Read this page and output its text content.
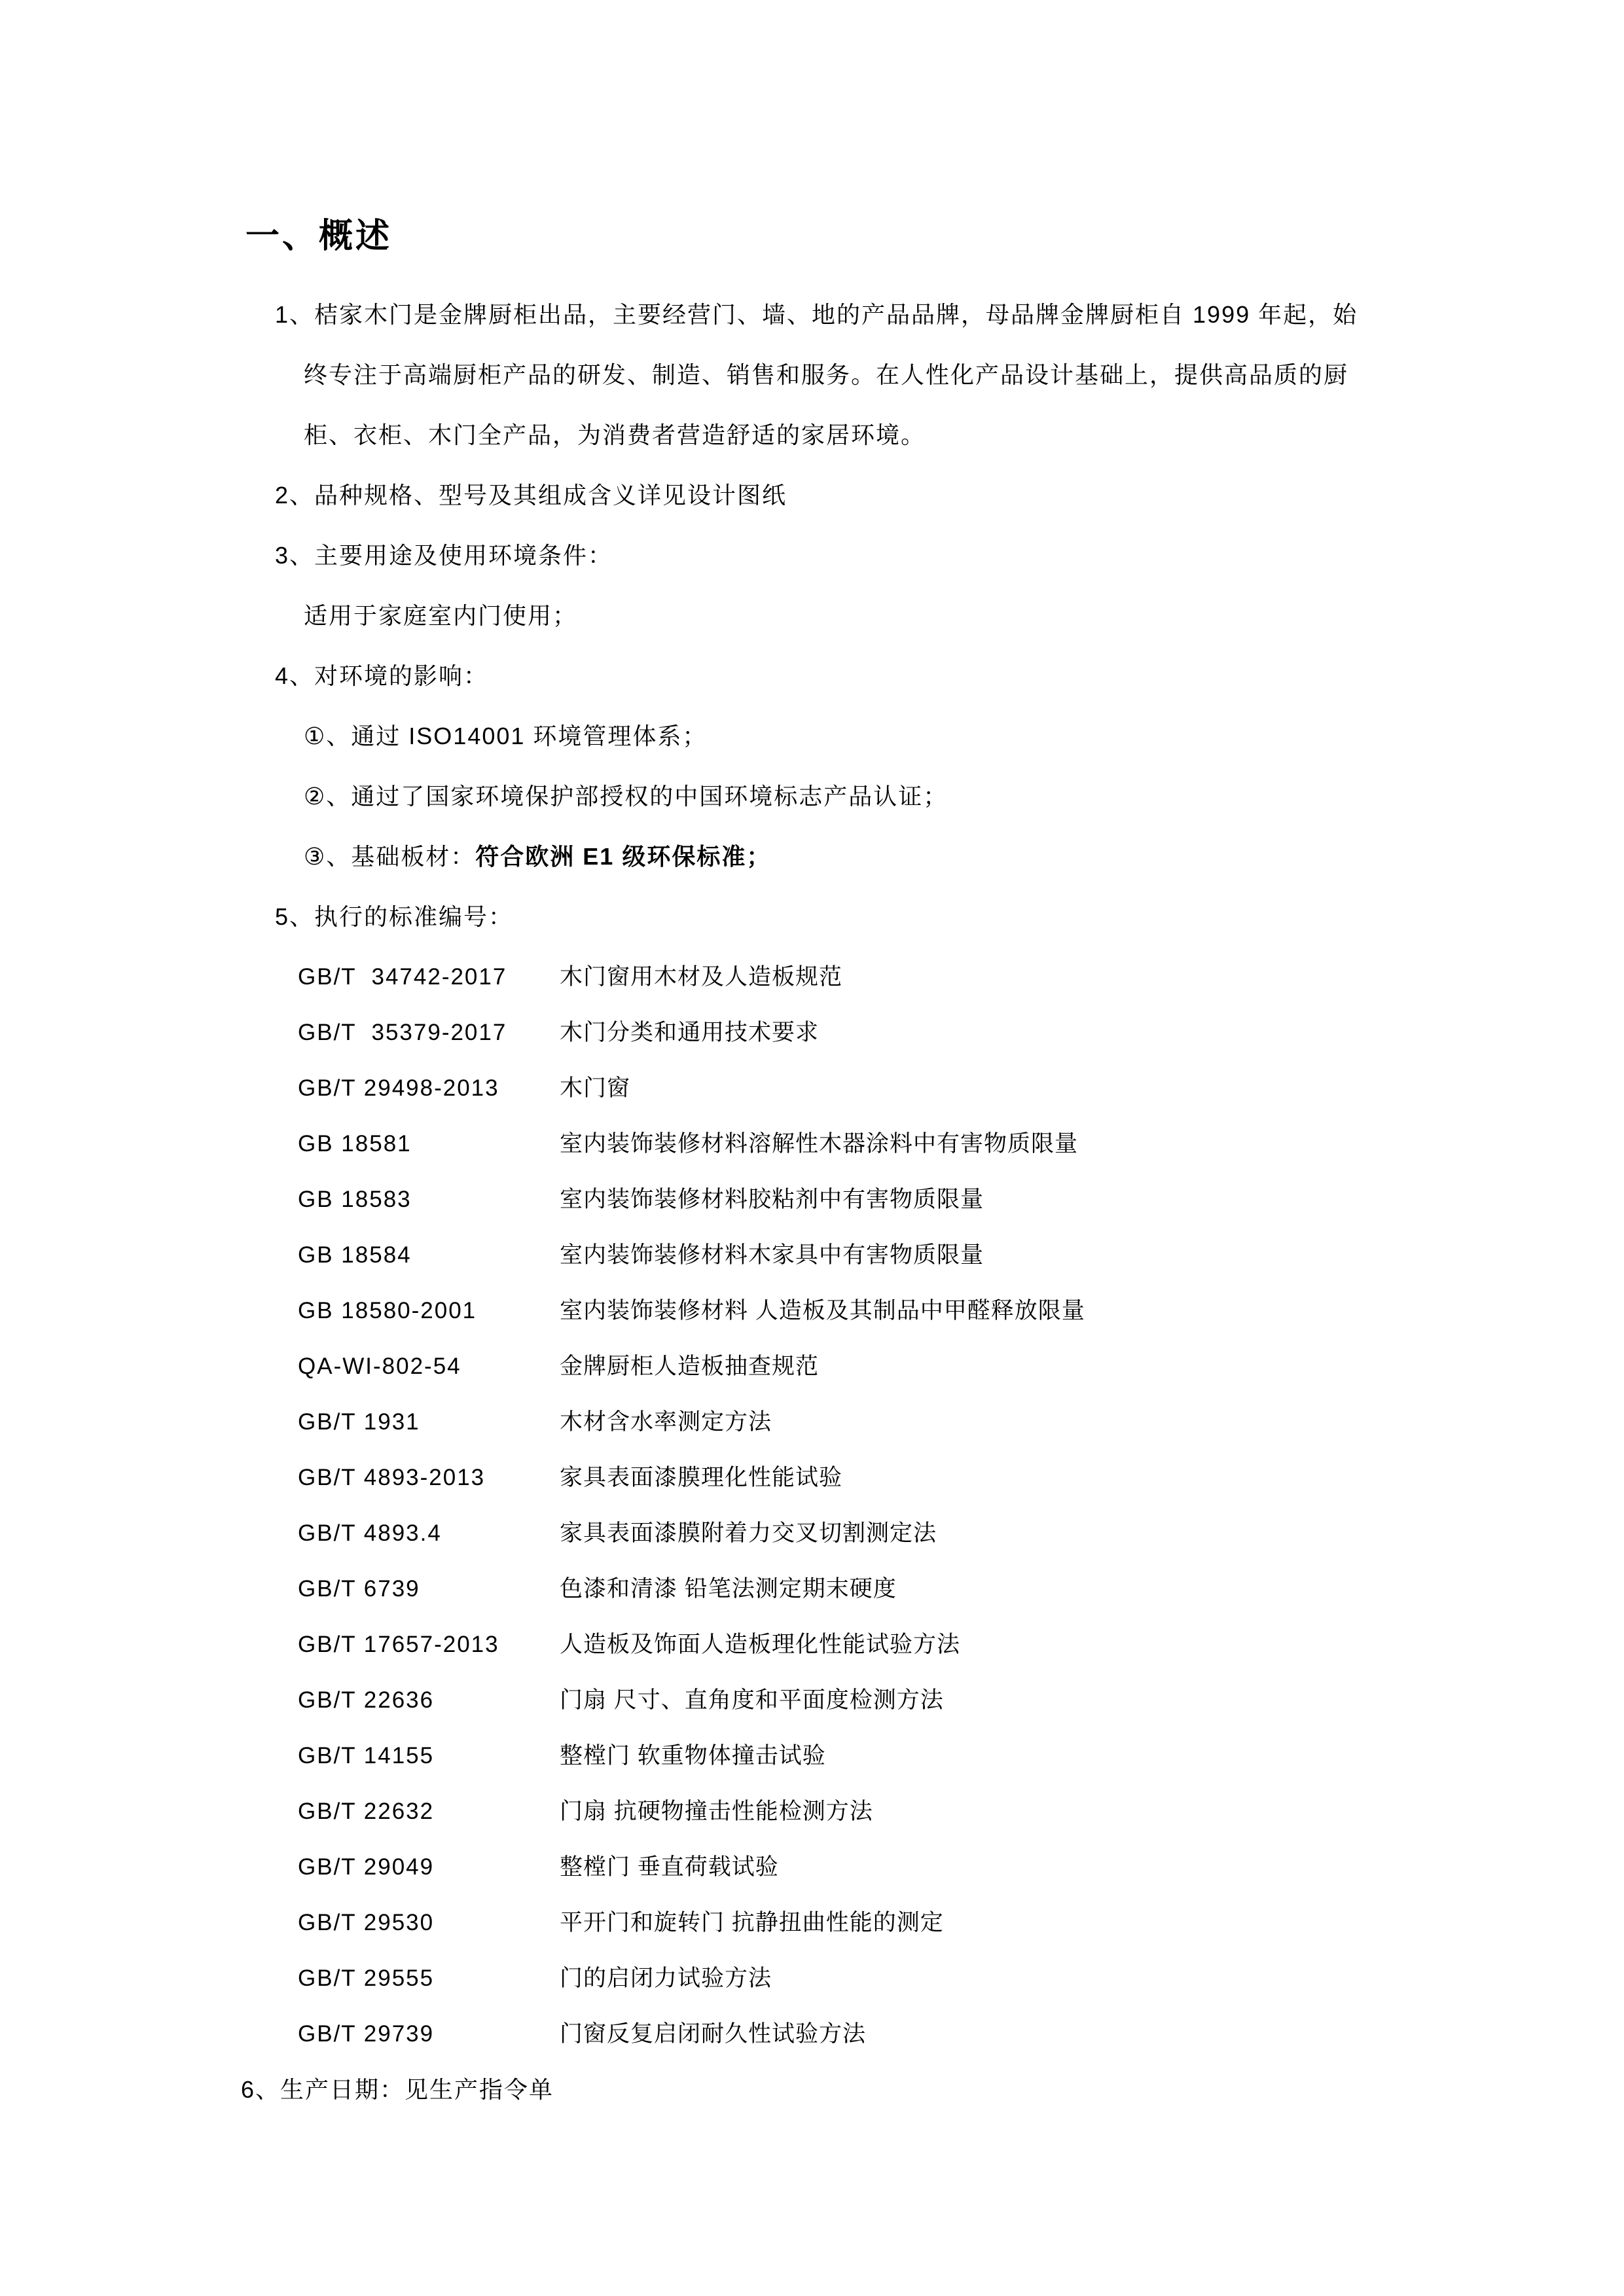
一、概述
1、桔家木门是金牌厨柜出品，主要经营门、墙、地的产品品牌，母品牌金牌厨柜自 1999 年起，始
终专注于高端厨柜产品的研发、制造、销售和服务。在人性化产品设计基础上，提供高品质的厨
柜、衣柜、木门全产品，为消费者营造舒适的家居环境。
2、品种规格、型号及其组成含义详见设计图纸
3、主要用途及使用环境条件：
适用于家庭室内门使用；
4、对环境的影响：
①、通过 ISO14001 环境管理体系；
②、通过了国家环境保护部授权的中国环境标志产品认证；
③、基础板材：符合欧洲 E1 级环保标准；
5、执行的标准编号：
GB/T  34742-2017 木门窗用木材及人造板规范
GB/T  35379-2017 木门分类和通用技术要求
GB/T 29498-2013	木门窗
GB 18581	室内装饰装修材料溶解性木器涂料中有害物质限量
GB 18583	室内装饰装修材料胶粘剂中有害物质限量
GB 18584	室内装饰装修材料木家具中有害物质限量
GB 18580-2001	室内装饰装修材料 人造板及其制品中甲醛释放限量
QA-WI-802-54	金牌厨柜人造板抽查规范
GB/T 1931	木材含水率测定方法
GB/T 4893-2013	家具表面漆膜理化性能试验
GB/T 4893.4	家具表面漆膜附着力交叉切割测定法
GB/T 6739	色漆和清漆 铅笔法测定期末硬度
GB/T 17657-2013	人造板及饰面人造板理化性能试验方法
GB/T 22636	门扇 尺寸、直角度和平面度检测方法
GB/T 14155	整樘门 软重物体撞击试验
GB/T 22632	门扇 抗硬物撞击性能检测方法
GB/T 29049	整樘门 垂直荷载试验
GB/T 29530	平开门和旋转门 抗静扭曲性能的测定
GB/T 29555	门的启闭力试验方法
GB/T 29739	门窗反复启闭耐久性试验方法
6、生产日期：见生产指令单
